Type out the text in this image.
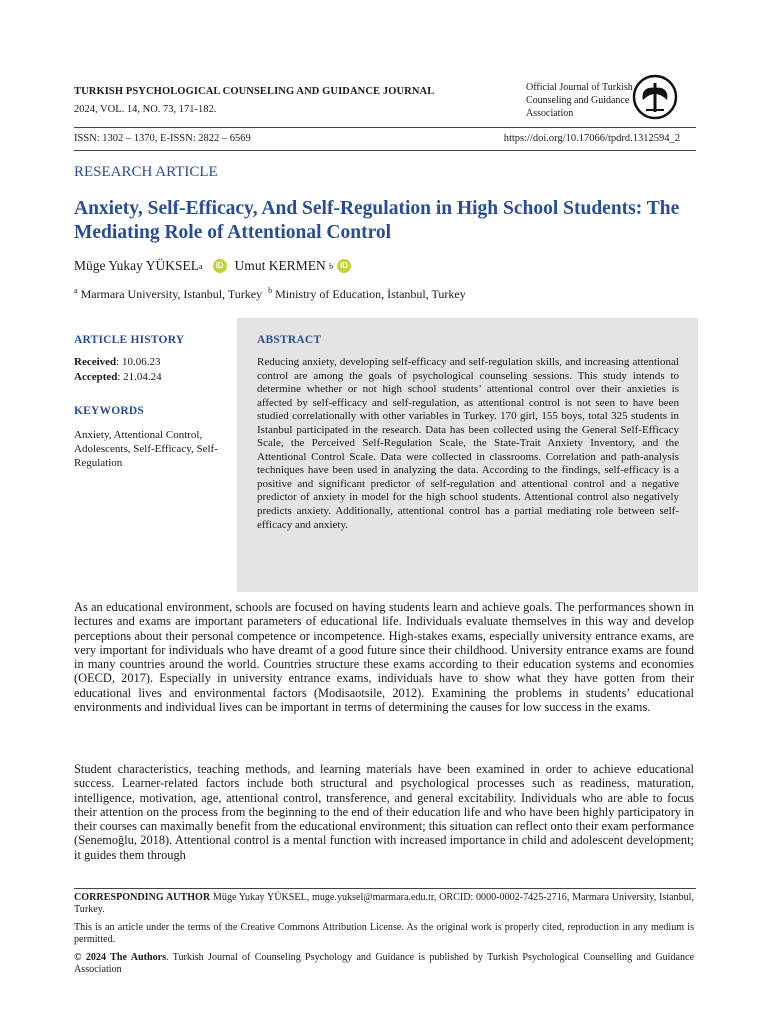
TURKISH PSYCHOLOGICAL COUNSELING AND GUIDANCE JOURNAL
2024, VOL. 14, NO. 73, 171-182.
Official Journal of Turkish Counseling and Guidance Association
ISSN: 1302 – 1370, E-ISSN: 2822 – 6569	https://doi.org/10.17066/tpdrd.1312594_2
RESEARCH ARTICLE
Anxiety, Self-Efficacy, And Self-Regulation in High School Students: The Mediating Role of Attentional Control
Müge Yukay YÜKSEL a	iD Umut KERMEN
b iD
$^a$ Marmara University, Istanbul, Turkey $^b$ Ministry of Education, İstanbul, Turkey
ARTICLE HISTORY
Received: 10.06.23
Accepted: 21.04.24
KEYWORDS
Anxiety, Attentional Control, Adolescents, Self-Efficacy, Self-Regulation
ABSTRACT
Reducing anxiety, developing self-efficacy and self-regulation skills, and increasing attentional control are among the goals of psychological counseling sessions. This study intends to determine whether or not high school students’ attentional control over their anxieties is affected by self-efficacy and self-regulation, as attentional control is not seen to have been studied correlationally with other variables in Turkey. 170 girl, 155 boys, total 325 students in Istanbul participated in the research. Data has been collected using the General Self-Efficacy Scale, the Perceived Self-Regulation Scale, the State-Trait Anxiety Inventory, and the Attentional Control Scale. Data were collected in classrooms. Correlation and path-analysis techniques have been used in analyzing the data. According to the findings, self-efficacy is a positive and significant predictor of self-regulation and attentional control and a negative predictor of anxiety in model for the high school students. Attentional control also negatively predicts anxiety. Additionally, attentional control has a partial mediating role between self-efficacy and anxiety.
As an educational environment, schools are focused on having students learn and achieve goals. The performances shown in lectures and exams are important parameters of educational life. Individuals evaluate themselves in this way and develop perceptions about their personal competence or incompetence. High-stakes exams, especially university entrance exams, are very important for individuals who have dreamt of a good future since their childhood. University entrance exams are found in many countries around the world. Countries structure these exams according to their education systems and economies (OECD, 2017). Especially in university entrance exams, individuals have to show what they have gotten from their educational lives and environmental factors (Modisaotsile, 2012). Examining the problems in students’ educational environments and individual lives can be important in terms of determining the causes for low success in the exams.
Student characteristics, teaching methods, and learning materials have been examined in order to achieve educational success. Learner-related factors include both structural and psychological processes such as readiness, maturation, intelligence, motivation, age, attentional control, transference, and general excitability. Individuals who are able to focus their attention on the process from the beginning to the end of their education life and who have been highly participatory in their courses can maximally benefit from the educational environment; this situation can reflect onto their exam performance (Senemoğlu, 2018). Attentional control is a mental function with increased importance in child and adolescent development; it guides them through
CORRESPONDING AUTHOR Müge Yukay YÜKSEL, muge.yuksel@marmara.edu.tr, ORCID: 0000-0002-7425-2716, Marmara University, Istanbul, Turkey.
This is an article under the terms of the Creative Commons Attribution License. As the original work is properly cited, reproduction in any medium is permitted.
© 2024 The Authors. Turkish Journal of Counseling Psychology and Guidance is published by Turkish Psychological Counselling and Guidance Association
